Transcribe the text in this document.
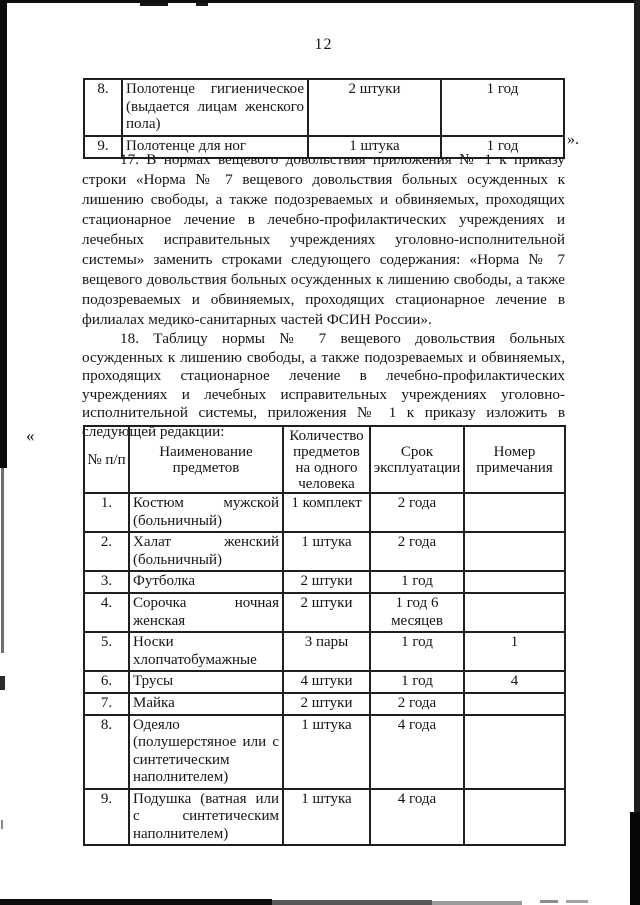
12
8.	Полотенце гигиеническое (выдается лицам женского пола)	2 штуки	1 год
9.	Полотенце для ног	1 штука	1 год	».

17. В нормах вещевого довольствия приложения № 1 к приказу строки «Норма № 7 вещевого довольствия больных осужденных к лишению свободы, а также подозреваемых и обвиняемых, проходящих стационарное лечение в лечебно-профилактических учреждениях и лечебных исправительных учреждениях уголовно-исполнительной системы» заменить строками следующего содержания: «Норма № 7 вещевого довольствия больных осужденных к лишению свободы, а также подозреваемых и обвиняемых, проходящих стационарное лечение в филиалах медико-санитарных частей ФСИН России».

18. Таблицу нормы № 7 вещевого довольствия больных осужденных к лишению свободы, а также подозреваемых и обвиняемых, проходящих стационарное лечение в лечебно-профилактических учреждениях и лечебных исправительных учреждениях уголовно-исполнительной системы, приложения № 1 к приказу изложить в следующей редакции:

«
№ п/п	Наименование предметов	Количество предметов на одного человека	Срок эксплуатации	Номер примечания
1.	Костюм мужской (больничный)	1 комплект	2 года	
2.	Халат женский (больничный)	1 штука	2 года	
3.	Футболка	2 штуки	1 год	
4.	Сорочка ночная женская	2 штуки	1 год 6 месяцев	
5.	Носки хлопчатобумажные	3 пары	1 год	1
6.	Трусы	4 штуки	1 год	4
7.	Майка	2 штуки	2 года	
8.	Одеяло (полушерстяное или с синтетическим наполнителем)	1 штука	4 года	
9.	Подушка (ватная или с синтетическим наполнителем)	1 штука	4 года	
